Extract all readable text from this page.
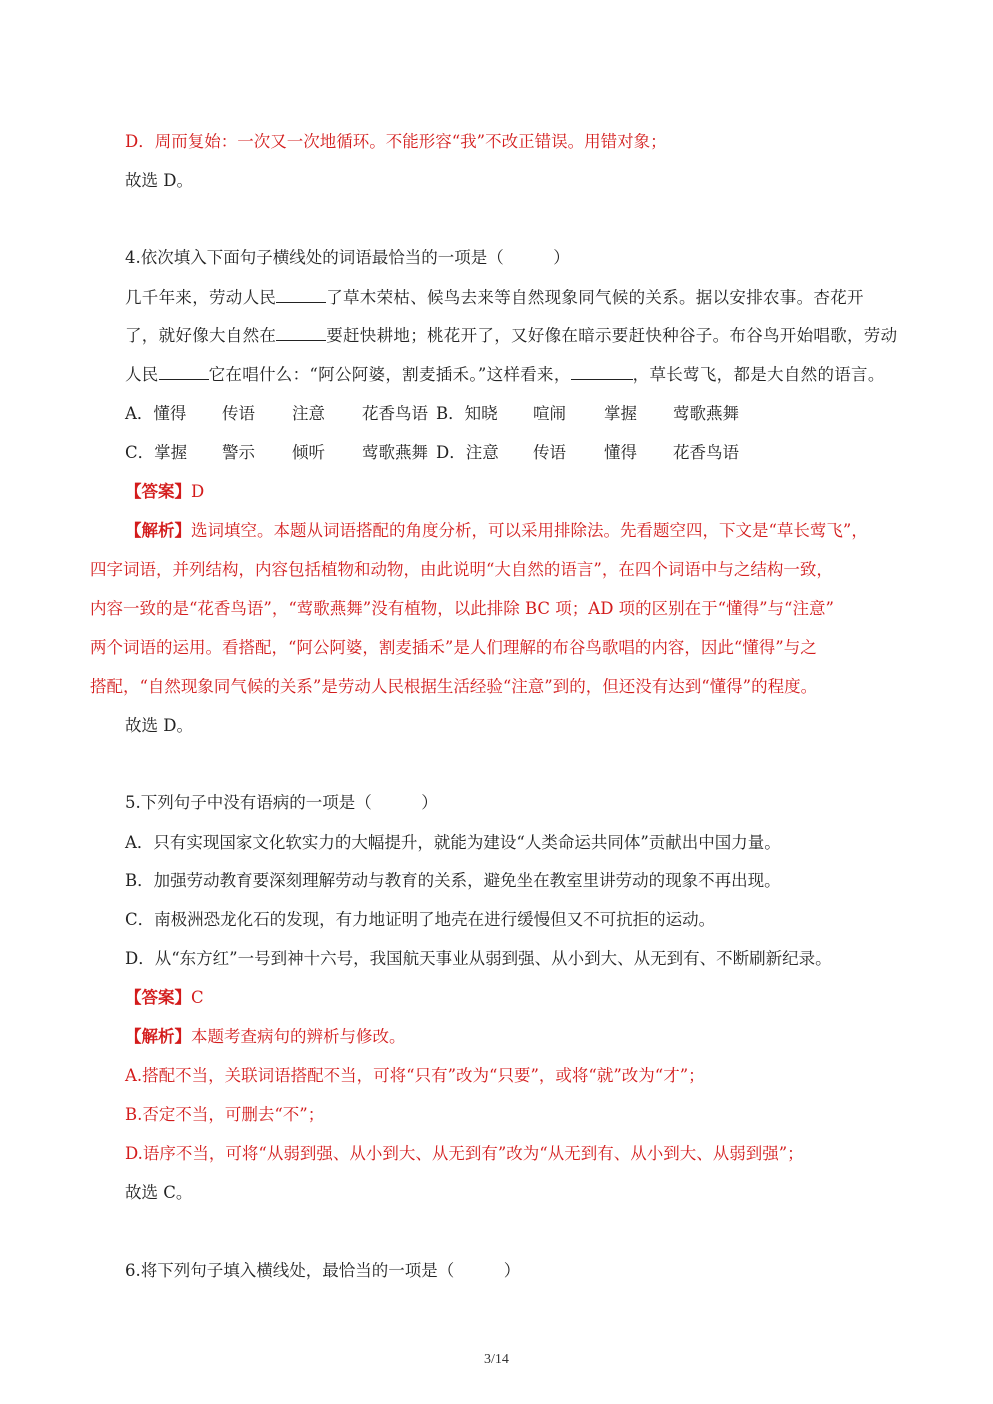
D．周而复始：一次又一次地循环。不能形容“我”不改正错误。用错对象；
故选 D。
4.依次填入下面句子横线处的词语最恰当的一项是（　　　）
几千年来，劳动人民	了草木荣枯、候鸟去来等自然现象同气候的关系。据以安排农事。杏花开
了，就好像大自然在	要赶快耕地；桃花开了，又好像在暗示要赶快种谷子。布谷鸟开始唱歌，劳动
人民	它在唱什么：“阿公阿婆，割麦插禾。”这样看来，	，草长莺飞，都是大自然的语言。
A．懂得 传语 注意 花香鸟语 B．知晓 喧闹 掌握 莺歌燕舞
C．掌握 警示 倾听 莺歌燕舞 D．注意 传语 懂得 花香鸟语
【答案】D
【解析】选词填空。本题从词语搭配的角度分析，可以采用排除法。先看题空四，下文是“草长莺飞”，
四字词语，并列结构，内容包括植物和动物，由此说明“大自然的语言”，在四个词语中与之结构一致，
内容一致的是“花香鸟语”，“莺歌燕舞”没有植物，以此排除 BC 项；AD 项的区别在于“懂得”与“注意”
两个词语的运用。看搭配，“阿公阿婆，割麦插禾”是人们理解的布谷鸟歌唱的内容，因此“懂得”与之
搭配，“自然现象同气候的关系”是劳动人民根据生活经验“注意”到的，但还没有达到“懂得”的程度。
故选 D。
5.下列句子中没有语病的一项是（　　　）
A．只有实现国家文化软实力的大幅提升，就能为建设“人类命运共同体”贡献出中国力量。
B．加强劳动教育要深刻理解劳动与教育的关系，避免坐在教室里讲劳动的现象不再出现。
C．南极洲恐龙化石的发现，有力地证明了地壳在进行缓慢但又不可抗拒的运动。
D．从“东方红”一号到神十六号，我国航天事业从弱到强、从小到大、从无到有、不断刷新纪录。
【答案】C
【解析】本题考查病句的辨析与修改。
A.搭配不当，关联词语搭配不当，可将“只有”改为“只要”，或将“就”改为“才”；
B.否定不当，可删去“不”；
D.语序不当，可将“从弱到强、从小到大、从无到有”改为“从无到有、从小到大、从弱到强”；
故选 C。
6.将下列句子填入横线处，最恰当的一项是（　　　）
3/14
